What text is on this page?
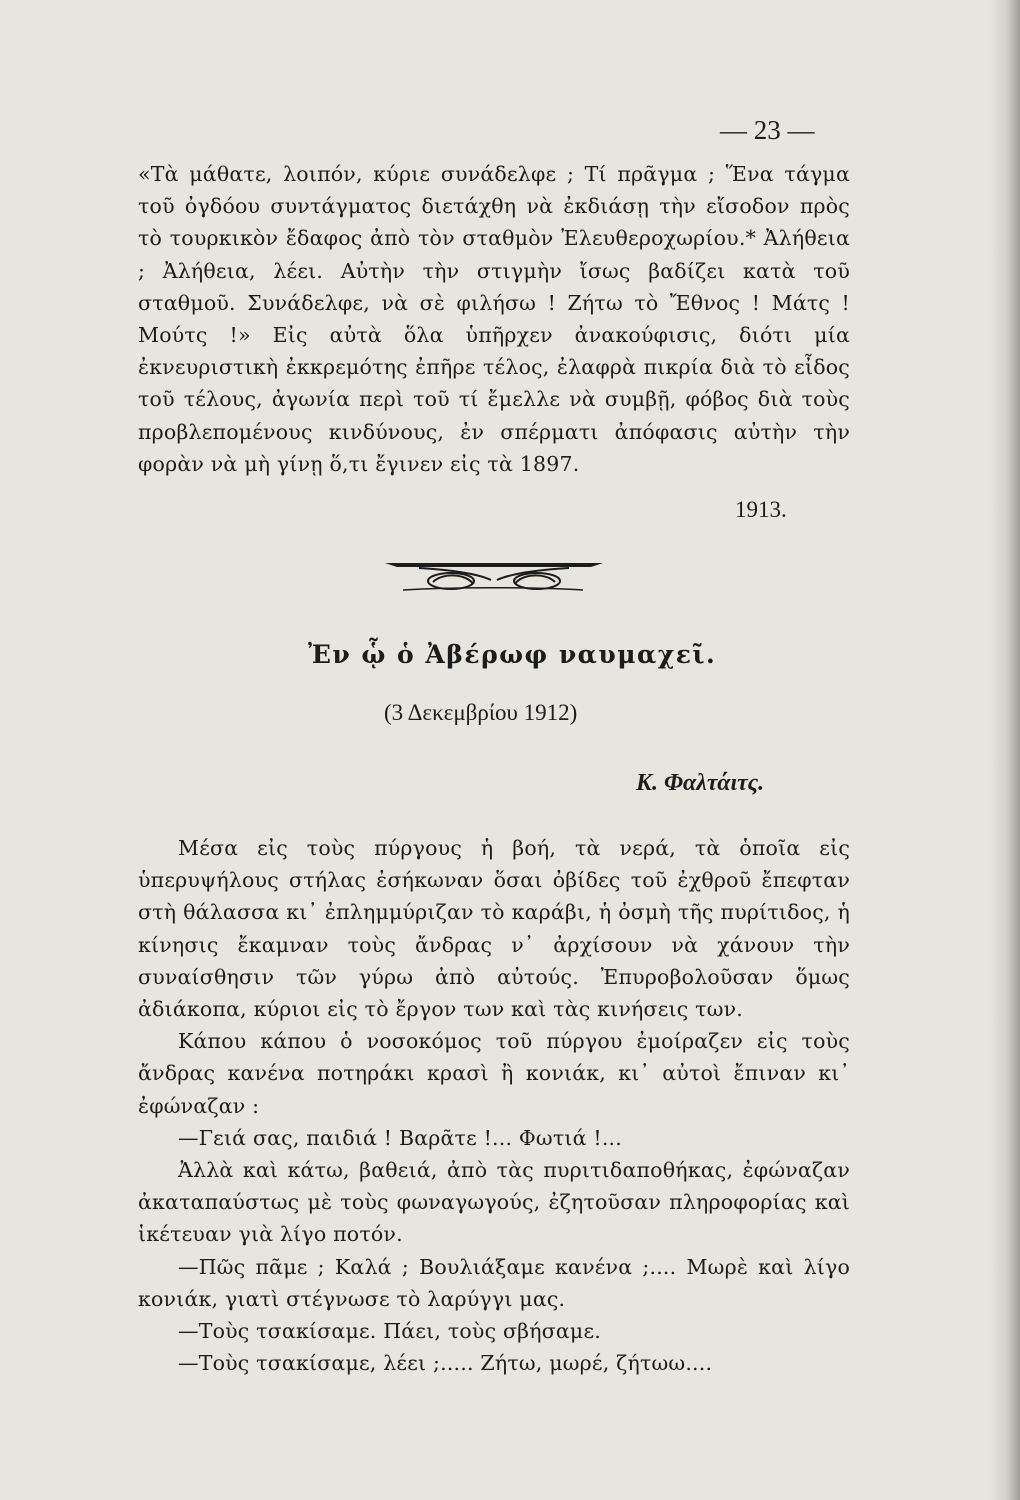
— 23 —

«Τὰ μάθατε, λοιπόν, κύριε συνάδελφε ; Τί πρᾶγμα ; Ἕνα τάγμα τοῦ ὀγδόου συντάγματος διετάχθη νὰ ἐκδιάσῃ τὴν εἴσοδον πρὸς τὸ τουρκικὸν ἔδαφος ἀπὸ τὸν σταθμὸν Ἐλευθεροχωρίου.* Ἀλήθεια ; Ἀλήθεια, λέει. Αὐτὴν τὴν στιγμὴν ἴσως βαδίζει κατὰ τοῦ σταθμοῦ. Συνάδελφε, νὰ σὲ φιλήσω ! Ζήτω τὸ Ἔθνος ! Μάτς ! Μούτς !» Εἰς αὐτὰ ὅλα ὑπῆρχεν ἀνακούφισις, διότι μία ἐκνευριστικὴ ἐκκρεμότης ἐπῆρε τέλος, ἐλαφρὰ πικρία διὰ τὸ εἶδος τοῦ τέλους, ἀγωνία περὶ τοῦ τί ἔμελλε νὰ συμβῇ, φόβος διὰ τοὺς προβλεπομένους κινδύνους, ἐν σπέρματι ἀπόφασις αὐτὴν τὴν φορὰν νὰ μὴ γίνῃ ὅ,τι ἔγινεν εἰς τὰ 1897.

1913.
Ἐν ᾧ ὁ Ἀβέρωφ ναυμαχεῖ.
(3 Δεκεμβρίου 1912)
Κ. Φαλτάιτς.

Μέσα εἰς τοὺς πύργους ἡ βοή, τὰ νερά, τὰ ὁποῖα εἰς ὑπερυψήλους στήλας ἐσήκωναν ὅσαι ὀβίδες τοῦ ἐχθροῦ ἔπεφταν στὴ θάλασσα κι᾽ ἐπλημμύριζαν τὸ καράβι, ἡ ὀσμὴ τῆς πυρίτιδος, ἡ κίνησις ἔκαμναν τοὺς ἄνδρας ν᾽ ἀρχίσουν νὰ χάνουν τὴν συναίσθησιν τῶν γύρω ἀπὸ αὐτούς. Ἐπυροβολοῦσαν ὅμως ἀδιάκοπα, κύριοι εἰς τὸ ἔργον των καὶ τὰς κινήσεις των.

Κάπου κάπου ὁ νοσοκόμος τοῦ πύργου ἐμοίραζεν εἰς τοὺς ἄνδρας κανένα ποτηράκι κρασὶ ἢ κονιάκ, κι᾽ αὐτοὶ ἔπιναν κι᾽ ἐφώναζαν :

—Γειά σας, παιδιά ! Βαρᾶτε !... Φωτιά !...

Ἀλλὰ καὶ κάτω, βαθειά, ἀπὸ τὰς πυριτιδαποθήκας, ἐφώναζαν ἀκαταπαύστως μὲ τοὺς φωναγωγούς, ἐζητοῦσαν πληροφορίας καὶ ἱκέτευαν γιὰ λίγο ποτόν.

—Πῶς πᾶμε ; Καλά ; Βουλιάξαμε κανένα ;.... Μωρὲ καὶ λίγο κονιάκ, γιατὶ στέγνωσε τὸ λαρύγγι μας.

—Τοὺς τσακίσαμε. Πάει, τοὺς σβήσαμε.

—Τοὺς τσακίσαμε, λέει ;..... Ζήτω, μωρέ, ζήτωω....
